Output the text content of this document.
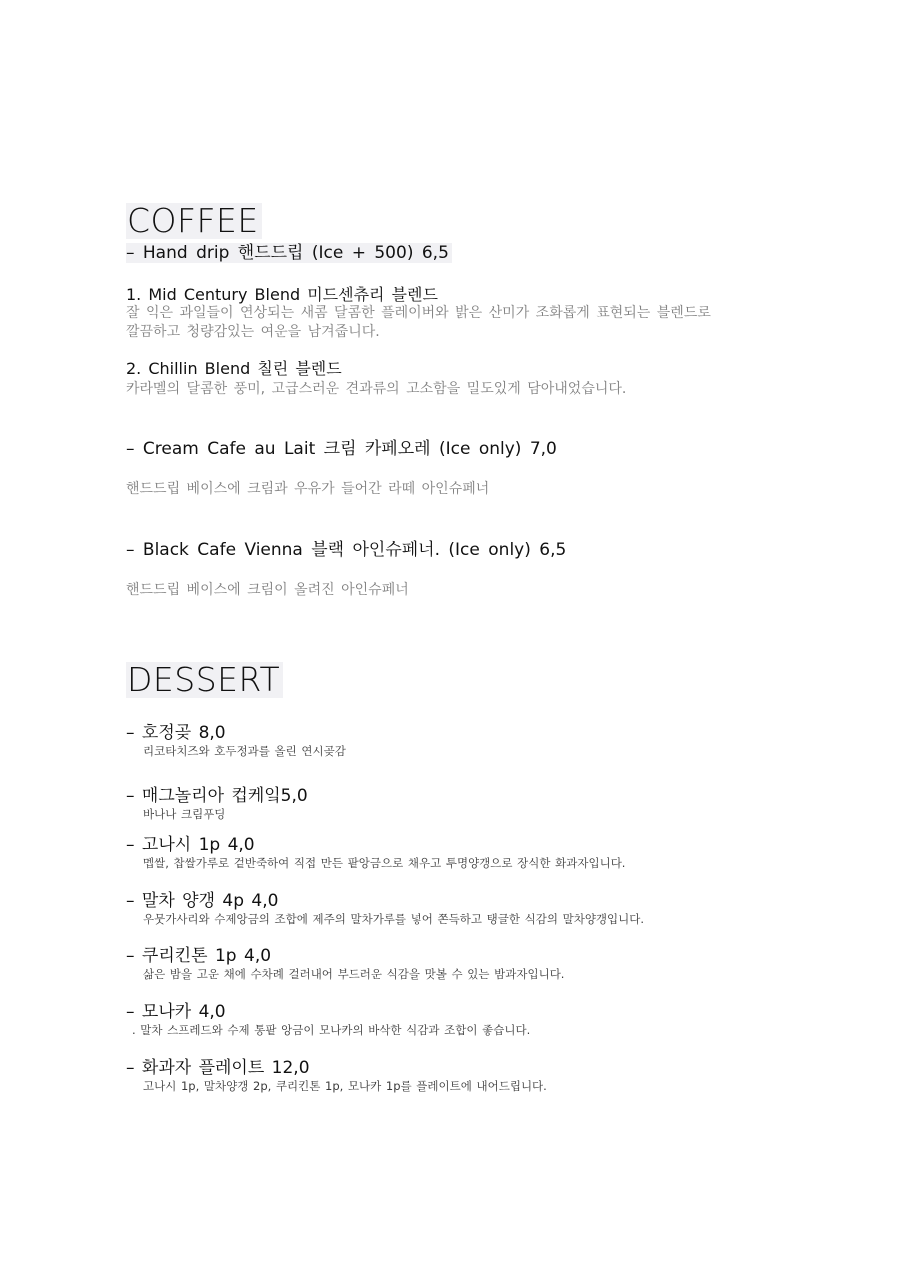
COFFEE
– Hand drip 핸드드립 (Ice + 500) 6,5
1. Mid Century Blend 미드센츄리 블렌드
잘 익은 과일들이 연상되는 새콤 달콤한 플레이버와 밝은 산미가 조화롭게 표현되는 블렌드로
깔끔하고 청량감있는 여운을 남겨줍니다.
2. Chillin Blend 칠린 블렌드
카라멜의 달콤한 풍미, 고급스러운 견과류의 고소함을 밀도있게 담아내었습니다.
– Cream Cafe au Lait 크림 카페오레 (Ice only) 7,0
핸드드립 베이스에 크림과 우유가 들어간 라떼 아인슈페너
– Black Cafe Vienna 블랙 아인슈페너. (Ice only) 6,5
핸드드립 베이스에 크림이 올려진 아인슈페너
DESSERT
– 호정곶 8,0
리코타치즈와 호두정과를 올린 연시곶감
– 매그놀리아 컵케잌5,0
바나나 크림푸딩
– 고나시 1p 4,0
멥쌀, 찹쌀가루로 겉반죽하여 직접 만든 팥앙금으로 채우고 투명양갱으로 장식한 화과자입니다.
– 말차 양갱 4p 4,0
우뭇가사리와 수제앙금의 조합에 제주의 말차가루를 넣어 쫀득하고 탱글한 식감의 말차양갱입니다.
– 쿠리킨톤 1p 4,0
삶은 밤을 고운 채에 수차례 걸러내어 부드러운 식감을 맛볼 수 있는 밤과자입니다.
– 모나카 4,0
. 말차 스프레드와 수제 통팥 앙금이 모나카의 바삭한 식감과 조합이 좋습니다.
– 화과자 플레이트 12,0
고나시 1p, 말차양갱 2p, 쿠리킨톤 1p, 모나카 1p를 플레이트에 내어드립니다.
